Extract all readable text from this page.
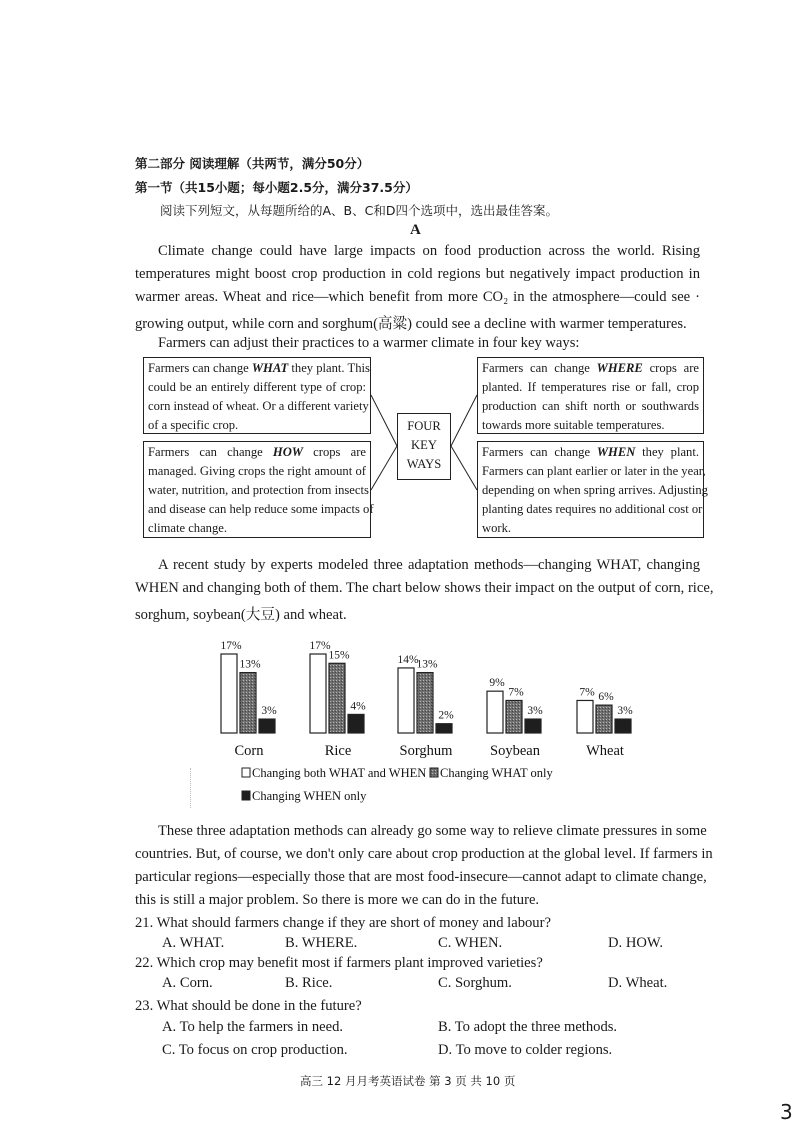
第二部分 阅读理解（共两节，满分50分）
第一节（共15小题；每小题2.5分，满分37.5分）
阅读下列短文，从每题所给的A、B、C和D四个选项中，选出最佳答案。
A
Climate change could have large impacts on food production across the world. Rising
temperatures might boost crop production in cold regions but negatively impact production in
warmer areas. Wheat and rice—which benefit from more CO₂ in the atmosphere—could see ·
growing output, while corn and sorghum(高粱) could see a decline with warmer temperatures.
Farmers can adjust their practices to a warmer climate in four key ways:
Farmers can change WHAT they plant. This
could be an entirely different type of crop:
corn instead of wheat. Or a different variety
of a specific crop.
Farmers can change HOW crops are
managed. Giving crops the right amount of
water, nutrition, and protection from insects
and disease can help reduce some impacts of
climate change.
Farmers can change WHERE crops are
planted. If temperatures rise or fall, crop
production can shift north or southwards
towards more suitable temperatures.
Farmers can change WHEN they plant.
Farmers can plant earlier or later in the year,
depending on when spring arrives. Adjusting
planting dates requires no additional cost or
work.
FOUR
KEY
WAYS
A recent study by experts modeled three adaptation methods—changing WHAT, changing
WHEN and changing both of them. The chart below shows their impact on the output of corn, rice,
sorghum, soybean(大豆) and wheat.
17%
13%
3%
Corn
17%
15%
4%
Rice
14%
13%
2%
Sorghum
9%
7%
3%
Soybean
7% 6%
3%
Wheat
Changing both WHAT and WHEN Changing WHAT only
Changing WHEN only
These three adaptation methods can already go some way to relieve climate pressures in some
countries. But, of course, we don't only care about crop production at the global level. If farmers in
particular regions—especially those that are most food-insecure—cannot adapt to climate change,
this is still a major problem. So there is more we can do in the future.
21. What should farmers change if they are short of money and labour?
A. WHAT.	B. WHERE.	C. WHEN.	D. HOW.
22. Which crop may benefit most if farmers plant improved varieties?
A. Corn.	B. Rice.	C. Sorghum.	D. Wheat.
23. What should be done in the future?
A. To help the farmers in need.	B. To adopt the three methods.
C. To focus on crop production.	D. To move to colder regions.
高三 12 月月考英语试卷 第 3 页 共 10 页
3
